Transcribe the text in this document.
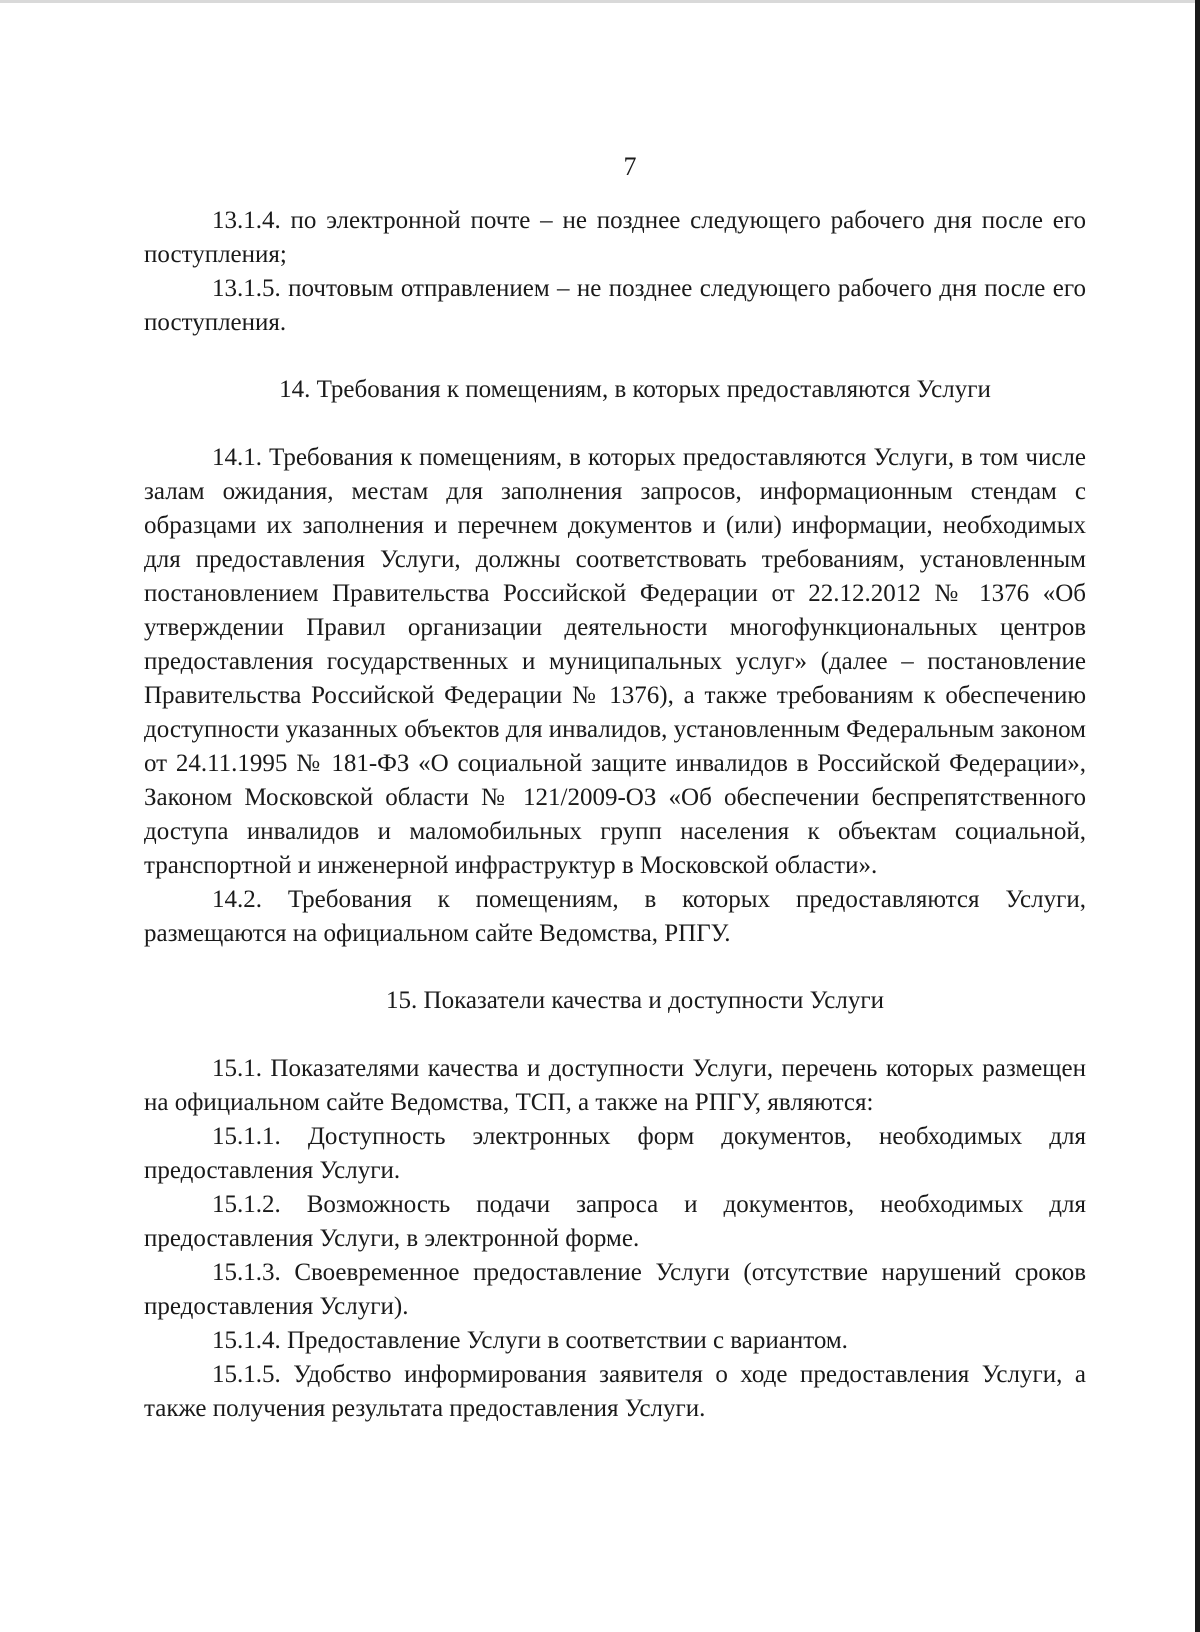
7

13.1.4. по электронной почте – не позднее следующего рабочего дня после его поступления;

13.1.5. почтовым отправлением – не позднее следующего рабочего дня после его поступления.

14. Требования к помещениям, в которых предоставляются Услуги

14.1. Требования к помещениям, в которых предоставляются Услуги, в том числе залам ожидания, местам для заполнения запросов, информационным стендам с образцами их заполнения и перечнем документов и (или) информации, необходимых для предоставления Услуги, должны соответствовать требованиям, установленным постановлением Правительства Российской Федерации от 22.12.2012 № 1376 «Об утверждении Правил организации деятельности многофункциональных центров предоставления государственных и муниципальных услуг» (далее – постановление Правительства Российской Федерации № 1376), а также требованиям к обеспечению доступности указанных объектов для инвалидов, установленным Федеральным законом от 24.11.1995 № 181-ФЗ «О социальной защите инвалидов в Российской Федерации», Законом Московской области № 121/2009-ОЗ «Об обеспечении беспрепятственного доступа инвалидов и маломобильных групп населения к объектам социальной, транспортной и инженерной инфраструктур в Московской области».

14.2. Требования к помещениям, в которых предоставляются Услуги, размещаются на официальном сайте Ведомства, РПГУ.

15. Показатели качества и доступности Услуги

15.1. Показателями качества и доступности Услуги, перечень которых размещен на официальном сайте Ведомства, ТСП, а также на РПГУ, являются:

15.1.1. Доступность электронных форм документов, необходимых для предоставления Услуги.

15.1.2. Возможность подачи запроса и документов, необходимых для предоставления Услуги, в электронной форме.

15.1.3. Своевременное предоставление Услуги (отсутствие нарушений сроков предоставления Услуги).

15.1.4. Предоставление Услуги в соответствии с вариантом.

15.1.5. Удобство информирования заявителя о ходе предоставления Услуги, а также получения результата предоставления Услуги.
